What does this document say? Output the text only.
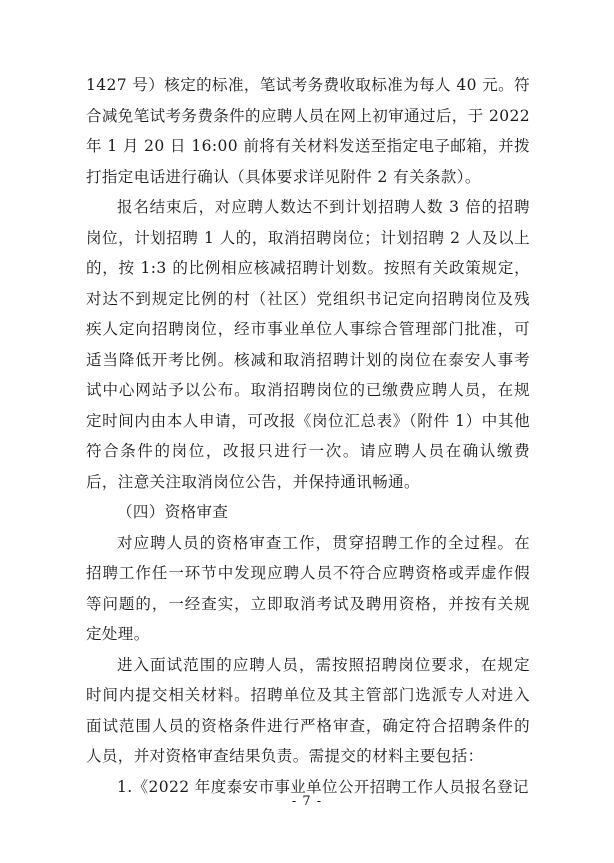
1427 号）核定的标准，笔试考务费收取标准为每人 40 元。符合减免笔试考务费条件的应聘人员在网上初审通过后，于 2022 年 1 月 20 日 16:00 前将有关材料发送至指定电子邮箱，并拨打指定电话进行确认（具体要求详见附件 2 有关条款）。

报名结束后，对应聘人数达不到计划招聘人数 3 倍的招聘岗位，计划招聘 1 人的，取消招聘岗位；计划招聘 2 人及以上的，按 1:3 的比例相应核减招聘计划数。按照有关政策规定，对达不到规定比例的村（社区）党组织书记定向招聘岗位及残疾人定向招聘岗位，经市事业单位人事综合管理部门批准，可适当降低开考比例。核减和取消招聘计划的岗位在泰安人事考试中心网站予以公布。取消招聘岗位的已缴费应聘人员，在规定时间内由本人申请，可改报《岗位汇总表》（附件 1）中其他符合条件的岗位，改报只进行一次。请应聘人员在确认缴费后，注意关注取消岗位公告，并保持通讯畅通。

（四）资格审查

对应聘人员的资格审查工作，贯穿招聘工作的全过程。在招聘工作任一环节中发现应聘人员不符合应聘资格或弄虚作假等问题的，一经查实，立即取消考试及聘用资格，并按有关规定处理。

进入面试范围的应聘人员，需按照招聘岗位要求，在规定时间内提交相关材料。招聘单位及其主管部门选派专人对进入面试范围人员的资格条件进行严格审查，确定符合招聘条件的人员，并对资格审查结果负责。需提交的材料主要包括：

1.《2022 年度泰安市事业单位公开招聘工作人员报名登记

- 7 -
